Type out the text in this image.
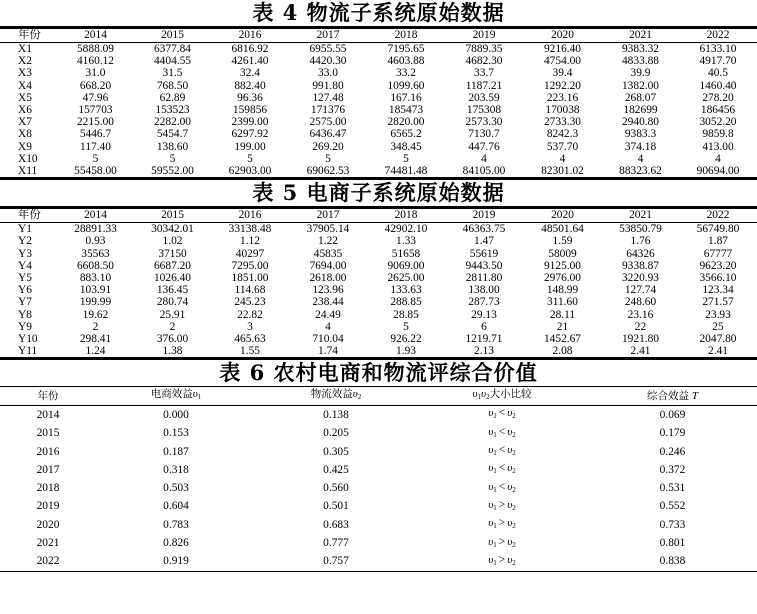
表 4 物流子系统原始数据
年份	2014	2015	2016	2017	2018	2019	2020	2021	2022
X1	5888.09	6377.84	6816.92	6955.55	7195.65	7889.35	9216.40	9383.32	6133.10
X2	4160.12	4404.55	4261.40	4420.30	4603.88	4682.30	4754.00	4833.88	4917.70
X3	31.0	31.5	32.4	33.0	33.2	33.7	39.4	39.9	40.5
X4	668.20	768.50	882.40	991.80	1099.60	1187.21	1292.20	1382.00	1460.40
X5	47.96	62.89	96.36	127.48	167.16	203.59	223.16	268.07	278.20
X6	157703	153523	159856	171376	185473	175308	170038	182699	186456
X7	2215.00	2282.00	2399.00	2575.00	2820.00	2573.30	2733.30	2940.80	3052.20
X8	5446.7	5454.7	6297.92	6436.47	6565.2	7130.7	8242.3	9383.3	9859.8
X9	117.40	138.60	199.00	269.20	348.45	447.76	537.70	374.18	413.00
X10	5	5	5	5	5	4	4	4	4
X11	55458.00	59552.00	62903.00	69062.53	74481.48	84105.00	82301.02	88323.62	90694.00
表 5 电商子系统原始数据
年份	2014	2015	2016	2017	2018	2019	2020	2021	2022
Y1	28891.33	30342.01	33138.48	37905.14	42902.10	46363.75	48501.64	53850.79	56749.80
Y2	0.93	1.02	1.12	1.22	1.33	1.47	1.59	1.76	1.87
Y3	35563	37150	40297	45835	51658	55619	58009	64326	67777
Y4	6608.50	6687.20	7295.00	7694.00	9069.00	9443.50	9125.00	9338.87	9623.20
Y5	883.10	1026.40	1851.00	2618.00	2625.00	2811.80	2976.00	3220.93	3566.10
Y6	103.91	136.45	114.68	123.96	133.63	138.00	148.99	127.74	123.34
Y7	199.99	280.74	245.23	238.44	288.85	287.73	311.60	248.60	271.57
Y8	19.62	25.91	22.82	24.49	28.85	29.13	28.11	23.16	23.93
Y9	2	2	3	4	5	6	21	22	25
Y10	298.41	376.00	465.63	710.04	926.22	1219.71	1452.67	1921.80	2047.80
Y11	1.24	1.38	1.55	1.74	1.93	2.13	2.08	2.41	2.41
表 6 农村电商和物流评综合价值
年份	电商效益$\upsilon_1$	物流效益$\upsilon_2$	$\upsilon_1\upsilon_2$大小比较	综合效益 T
2014	0.000	0.138	$\upsilon_1 < \upsilon_2$	0.069
2015	0.153	0.205	$\upsilon_1 < \upsilon_2$	0.179
2016	0.187	0.305	$\upsilon_1 < \upsilon_2$	0.246
2017	0.318	0.425	$\upsilon_1 < \upsilon_2$	0.372
2018	0.503	0.560	$\upsilon_1 < \upsilon_2$	0.531
2019	0.604	0.501	$\upsilon_1 > \upsilon_2$	0.552
2020	0.783	0.683	$\upsilon_1 > \upsilon_2$	0.733
2021	0.826	0.777	$\upsilon_1 > \upsilon_2$	0.801
2022	0.919	0.757	$\upsilon_1 > \upsilon_2$	0.838
